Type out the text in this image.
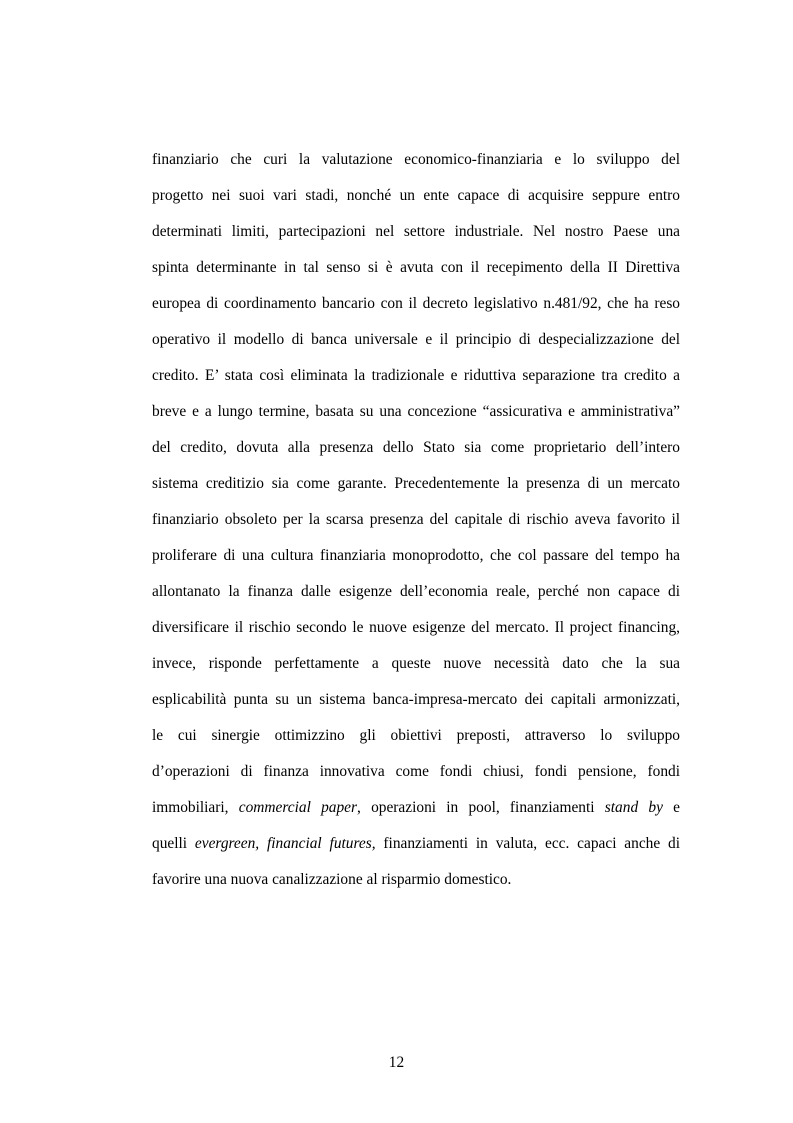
finanziario che curi la valutazione economico-finanziaria e lo sviluppo del
progetto nei suoi vari stadi, nonché un ente capace di acquisire seppure entro
determinati limiti, partecipazioni nel settore industriale. Nel nostro Paese una
spinta determinante in tal senso si è avuta con il recepimento della II Direttiva
europea di coordinamento bancario con il decreto legislativo n.481/92, che ha reso
operativo il modello di banca universale e il principio di despecializzazione del
credito. E’ stata così eliminata la tradizionale e riduttiva separazione tra credito a
breve e a lungo termine, basata su una concezione “assicurativa e amministrativa”
del credito, dovuta alla presenza dello Stato sia come proprietario dell’intero
sistema creditizio sia come garante. Precedentemente la presenza di un mercato
finanziario obsoleto per la scarsa presenza del capitale di rischio aveva favorito il
proliferare di una cultura finanziaria monoprodotto, che col passare del tempo ha
allontanato la finanza dalle esigenze dell’economia reale, perché non capace di
diversificare il rischio secondo le nuove esigenze del mercato. Il project financing,
invece, risponde perfettamente a queste nuove necessità dato che la sua
esplicabilità punta su un sistema banca-impresa-mercato dei capitali armonizzati,
le cui sinergie ottimizzino gli obiettivi preposti, attraverso lo sviluppo
d’operazioni di finanza innovativa come fondi chiusi, fondi pensione, fondi
immobiliari, commercial paper, operazioni in pool, finanziamenti stand by e
quelli evergreen, financial futures, finanziamenti in valuta, ecc. capaci anche di
favorire una nuova canalizzazione al risparmio domestico.
12
